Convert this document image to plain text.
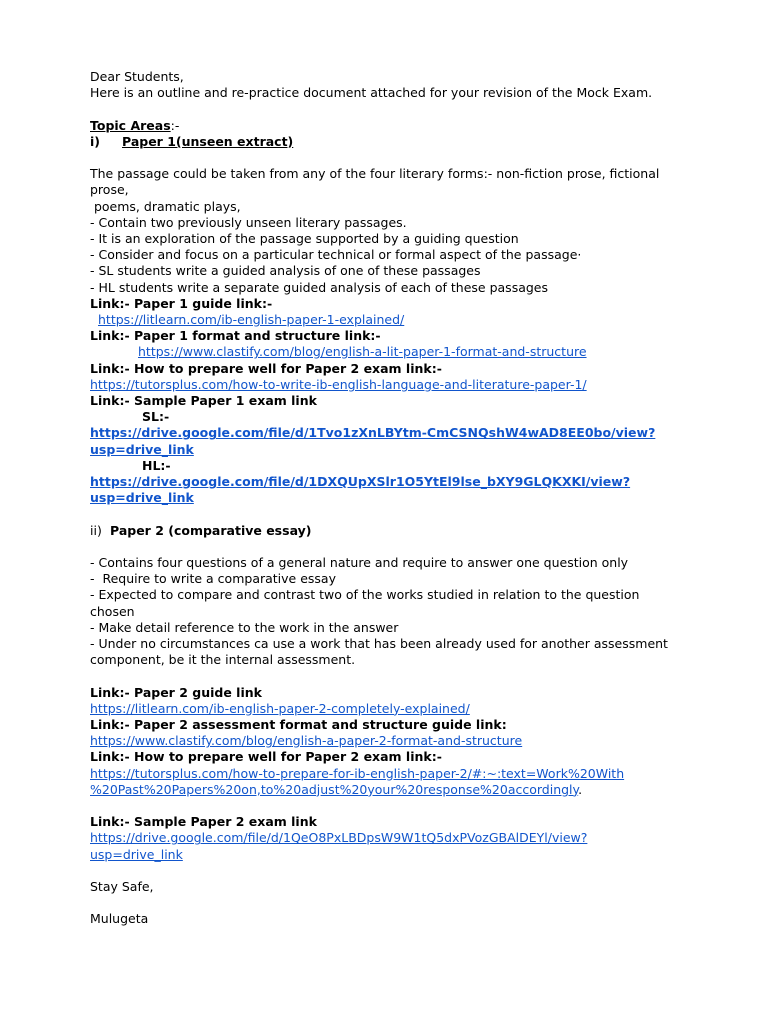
Dear Students,
Here is an outline and re-practice document attached for your revision of the Mock Exam.
Topic Areas:-
i) Paper 1(unseen extract)
The passage could be taken from any of the four literary forms:- non-fiction prose, fictional
prose,
poems, dramatic plays,
- Contain two previously unseen literary passages.
- It is an exploration of the passage supported by a guiding question
- Consider and focus on a particular technical or formal aspect of the passage·
- SL students write a guided analysis of one of these passages
- HL students write a separate guided analysis of each of these passages
Link:- Paper 1 guide link:-
https://litlearn.com/ib-english-paper-1-explained/
Link:- Paper 1 format and structure link:-
https://www.clastify.com/blog/english-a-lit-paper-1-format-and-structure
Link:- How to prepare well for Paper 2 exam link:-
https://tutorsplus.com/how-to-write-ib-english-language-and-literature-paper-1/
Link:- Sample Paper 1 exam link
SL:-
https://drive.google.com/file/d/1Tvo1zXnLBYtm-CmCSNQshW4wAD8EE0bo/view?
usp=drive_link
HL:-
https://drive.google.com/file/d/1DXQUpXSlr1O5YtEl9lse_bXY9GLQKXKI/view?
usp=drive_link
ii) Paper 2 (comparative essay)
- Contains four questions of a general nature and require to answer one question only
-  Require to write a comparative essay
- Expected to compare and contrast two of the works studied in relation to the question
chosen
- Make detail reference to the work in the answer
- Under no circumstances ca use a work that has been already used for another assessment
component, be it the internal assessment.
Link:- Paper 2 guide link
https://litlearn.com/ib-english-paper-2-completely-explained/
Link:- Paper 2 assessment format and structure guide link:
https://www.clastify.com/blog/english-a-paper-2-format-and-structure
Link:- How to prepare well for Paper 2 exam link:-
https://tutorsplus.com/how-to-prepare-for-ib-english-paper-2/#:~:text=Work%20With
%20Past%20Papers%20on,to%20adjust%20your%20response%20accordingly.
Link:- Sample Paper 2 exam link
https://drive.google.com/file/d/1QeO8PxLBDpsW9W1tQ5dxPVozGBAlDEYl/view?
usp=drive_link
Stay Safe,
Mulugeta
